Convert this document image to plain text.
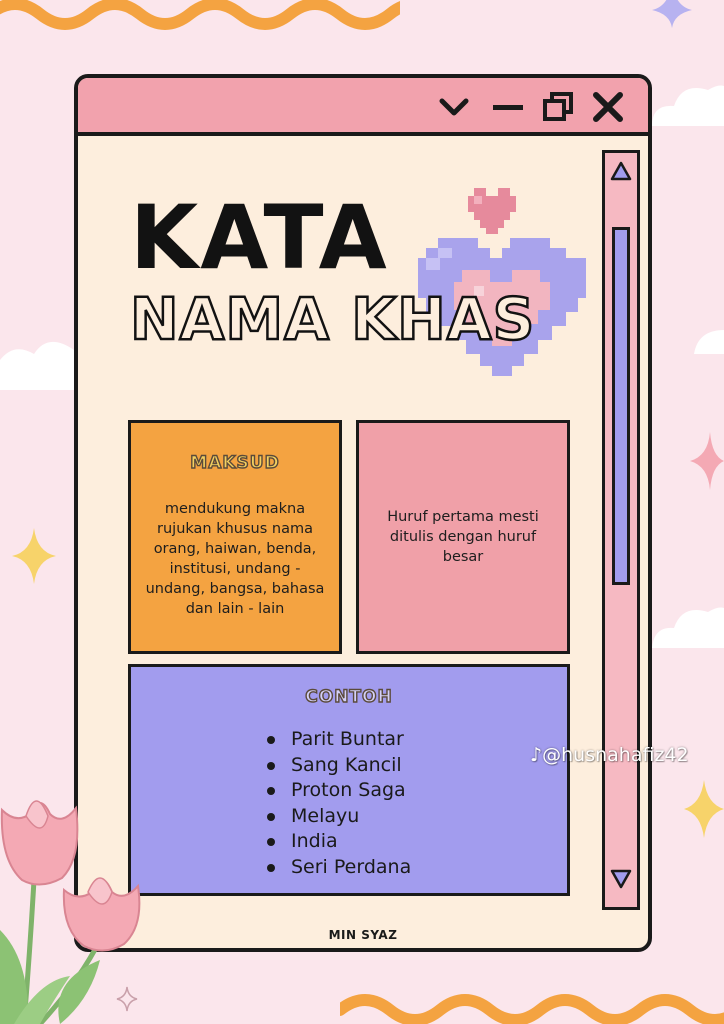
KATA
NAMA KHAS
MAKSUD

mendukung makna rujukan khusus nama orang, haiwan, benda, institusi, undang - undang, bangsa, bahasa dan lain - lain

Huruf pertama mesti ditulis dengan huruf besar

CONTOH
Parit Buntar
Sang Kancil
Proton Saga
Melayu
India
Seri Perdana
MIN SYAZ
♪@husnahafiz42
